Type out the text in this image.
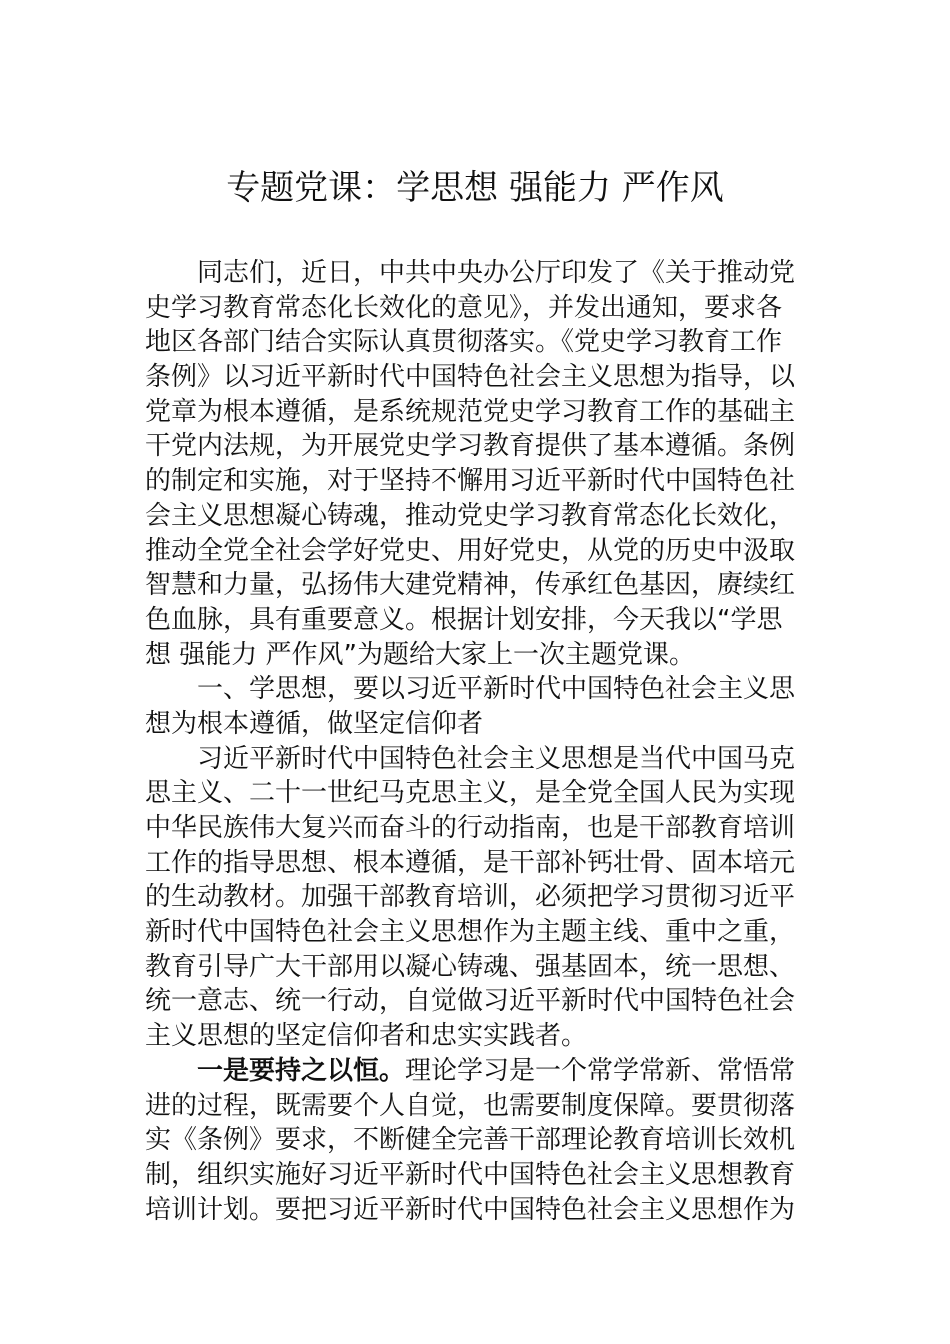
专题党课：学思想 强能力 严作风
同志们，近日，中共中央办公厅印发了《关于推动党
史学习教育常态化长效化的意见》，并发出通知，要求各
地区各部门结合实际认真贯彻落实。《党史学习教育工作
条例》以习近平新时代中国特色社会主义思想为指导，以
党章为根本遵循，是系统规范党史学习教育工作的基础主
干党内法规，为开展党史学习教育提供了基本遵循。条例
的制定和实施，对于坚持不懈用习近平新时代中国特色社
会主义思想凝心铸魂，推动党史学习教育常态化长效化，
推动全党全社会学好党史、用好党史，从党的历史中汲取
智慧和力量，弘扬伟大建党精神，传承红色基因，赓续红
色血脉，具有重要意义。根据计划安排，今天我以“学思
想 强能力 严作风”为题给大家上一次主题党课。
一、学思想，要以习近平新时代中国特色社会主义思
想为根本遵循，做坚定信仰者
习近平新时代中国特色社会主义思想是当代中国马克
思主义、二十一世纪马克思主义，是全党全国人民为实现
中华民族伟大复兴而奋斗的行动指南，也是干部教育培训
工作的指导思想、根本遵循，是干部补钙壮骨、固本培元
的生动教材。加强干部教育培训，必须把学习贯彻习近平
新时代中国特色社会主义思想作为主题主线、重中之重，
教育引导广大干部用以凝心铸魂、强基固本，统一思想、
统一意志、统一行动，自觉做习近平新时代中国特色社会
主义思想的坚定信仰者和忠实实践者。
一是要持之以恒。理论学习是一个常学常新、常悟常
进的过程，既需要个人自觉，也需要制度保障。要贯彻落
实《条例》要求，不断健全完善干部理论教育培训长效机
制，组织实施好习近平新时代中国特色社会主义思想教育
培训计划。要把习近平新时代中国特色社会主义思想作为
